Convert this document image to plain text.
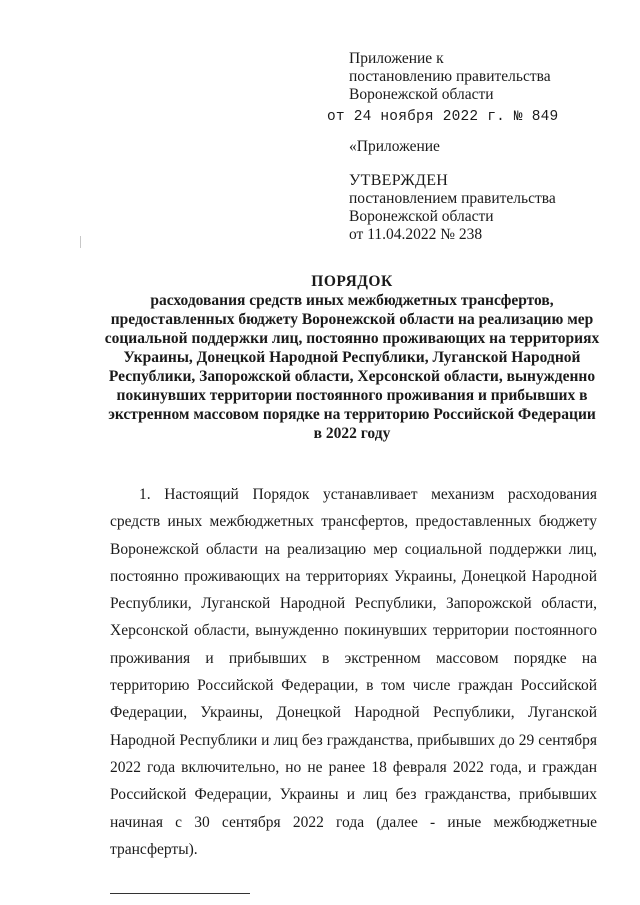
Приложение к
постановлению правительства
Воронежской области
от 24 ноября 2022 г. № 849
«Приложение
УТВЕРЖДЕН
постановлением правительства
Воронежской области
от 11.04.2022 № 238
ПОРЯДОК
расходования средств иных межбюджетных трансфертов,
предоставленных бюджету Воронежской области на реализацию мер
социальной поддержки лиц, постоянно проживающих на территориях
Украины, Донецкой Народной Республики, Луганской Народной
Республики, Запорожской области, Херсонской области, вынужденно
покинувших территории постоянного проживания и прибывших в
экстренном массовом порядке на территорию Российской Федерации
в 2022 году

1. Настоящий Порядок устанавливает механизм расходования средств иных межбюджетных трансфертов, предоставленных бюджету Воронежской области на реализацию мер социальной поддержки лиц, постоянно проживающих на территориях Украины, Донецкой Народной Республики, Луганской Народной Республики, Запорожской области, Херсонской области, вынужденно покинувших территории постоянного проживания и прибывших в экстренном массовом порядке на территорию Российской Федерации, в том числе граждан Российской Федерации, Украины, Донецкой Народной Республики, Луганской Народной Республики и лиц без гражданства, прибывших до 29 сентября 2022 года включительно, но не ранее 18 февраля 2022 года, и граждан Российской Федерации, Украины и лиц без гражданства, прибывших начиная с 30 сентября 2022 года (далее - иные межбюджетные трансферты).
